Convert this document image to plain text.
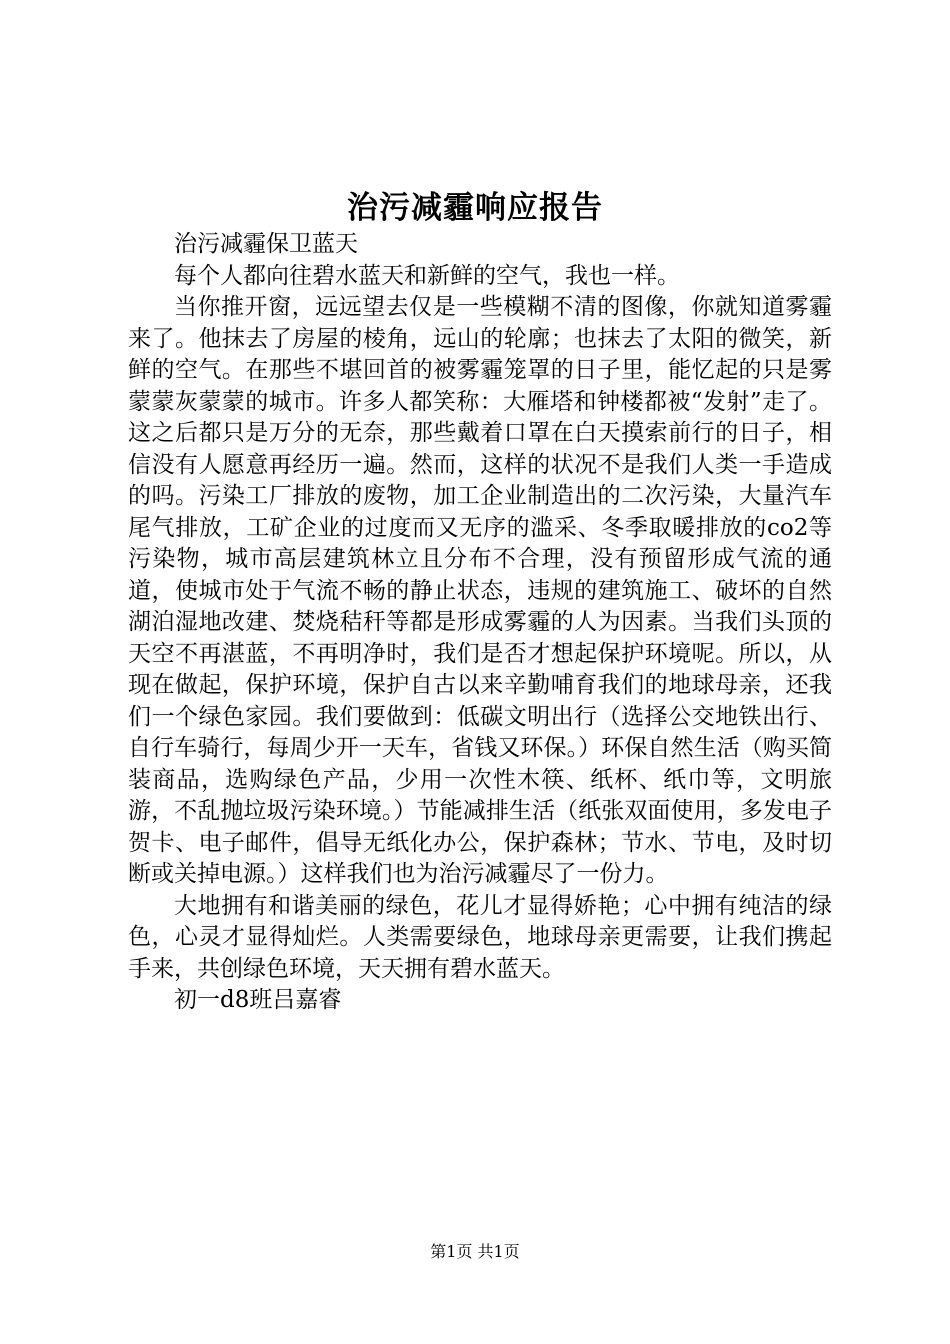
治污减霾响应报告

治污减霾保卫蓝天

每个人都向往碧水蓝天和新鲜的空气，我也一样。

当你推开窗，远远望去仅是一些模糊不清的图像，你就知道雾霾来了。他抹去了房屋的棱角，远山的轮廓；也抹去了太阳的微笑，新鲜的空气。在那些不堪回首的被雾霾笼罩的日子里，能忆起的只是雾蒙蒙灰蒙蒙的城市。许多人都笑称：大雁塔和钟楼都被“发射”走了。这之后都只是万分的无奈，那些戴着口罩在白天摸索前行的日子，相信没有人愿意再经历一遍。然而，这样的状况不是我们人类一手造成的吗。污染工厂排放的废物，加工企业制造出的二次污染，大量汽车尾气排放，工矿企业的过度而又无序的滥采、冬季取暖排放的co2等污染物，城市高层建筑林立且分布不合理，没有预留形成气流的通道，使城市处于气流不畅的静止状态，违规的建筑施工、破坏的自然湖泊湿地改建、焚烧秸秆等都是形成雾霾的人为因素。当我们头顶的天空不再湛蓝，不再明净时，我们是否才想起保护环境呢。所以，从现在做起，保护环境，保护自古以来辛勤哺育我们的地球母亲，还我们一个绿色家园。我们要做到：低碳文明出行（选择公交地铁出行、自行车骑行，每周少开一天车，省钱又环保。）环保自然生活（购买简装商品，选购绿色产品，少用一次性木筷、纸杯、纸巾等，文明旅游，不乱抛垃圾污染环境。）节能减排生活（纸张双面使用，多发电子贺卡、电子邮件，倡导无纸化办公，保护森林；节水、节电，及时切断或关掉电源。）这样我们也为治污减霾尽了一份力。

大地拥有和谐美丽的绿色，花儿才显得娇艳；心中拥有纯洁的绿色，心灵才显得灿烂。人类需要绿色，地球母亲更需要，让我们携起手来，共创绿色环境，天天拥有碧水蓝天。

初一d8班吕嘉睿

第1页 共1页
